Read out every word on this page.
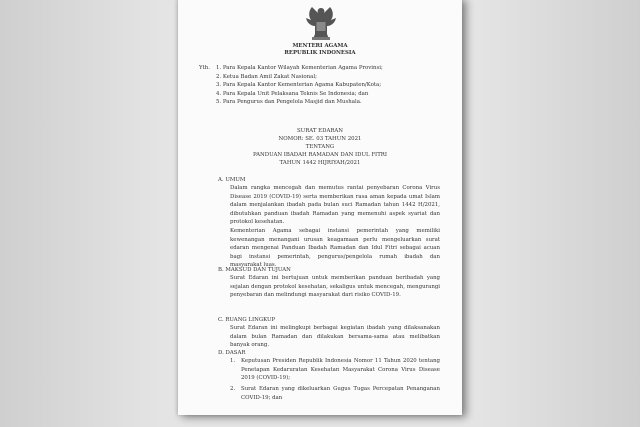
MENTERI AGAMA
REPUBLIK INDONESIA
Yth. 1. Para Kepala Kantor Wilayah Kementerian Agama Provinsi;
2. Ketua Badan Amil Zakat Nasional;
3. Para Kepala Kantor Kementerian Agama Kabupaten/Kota;
4. Para Kepala Unit Pelaksana Teknis Se Indonesia; dan
5. Para Pengurus dan Pengelola Masjid dan Mushala.
SURAT EDARAN
NOMOR: SE. 03 TAHUN 2021
TENTANG
PANDUAN IBADAH RAMADAN DAN IDUL FITRI
TAHUN 1442 HIJRIYAH/2021
A. UMUM
Dalam rangka mencegah dan memutus rantai penyebaran Corona Virus Disease 2019 (COVID-19) serta memberikan rasa aman kepada umat Islam dalam menjalankan ibadah pada bulan suci Ramadan tahun 1442 H/2021, dibutuhkan panduan ibadah Ramadan yang memenuhi aspek syariat dan protokol kesehatan.
Kementerian Agama sebagai instansi pemerintah yang memiliki kewenangan menangani urusan keagamaan perlu mengeluarkan surat edaran mengenai Panduan Ibadah Ramadan dan Idul Fitri sebagai acuan bagi instansi pemerintah, pengurus/pengelola rumah ibadah dan masyarakat luas.
B. MAKSUD DAN TUJUAN
Surat Edaran ini bertujuan untuk memberikan panduan beribadah yang sejalan dengan protokol kesehatan, sekaligus untuk mencegah, mengurangi penyebaran dan melindungi masyarakat dari risiko COVID-19.
C. RUANG LINGKUP
Surat Edaran ini melingkupi berbagai kegiatan ibadah yang dilaksanakan dalam bulan Ramadan dan dilakukan bersama-sama atau melibatkan banyak orang.
D. DASAR
1. Keputusan Presiden Republik Indonesia Nomor 11 Tahun 2020 tentang Penetapan Kedaruratan Kesehatan Masyarakat Corona Virus Disease 2019 (COVID-19);
2. Surat Edaran yang dikeluarkan Gugus Tugas Percepatan Penanganan COVID-19; dan
